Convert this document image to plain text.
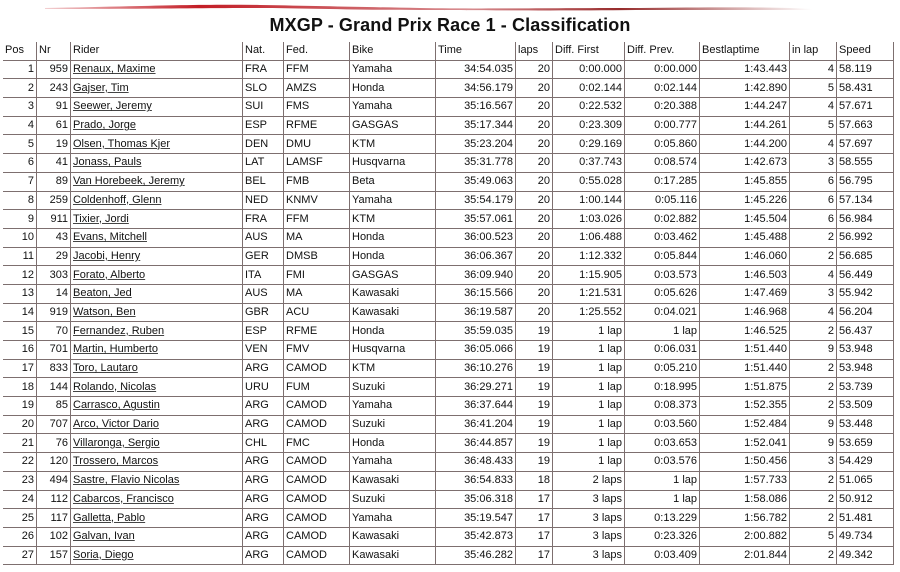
MXGP - Grand Prix Race 1 - Classification
Pos	Nr	Rider	Nat.	Fed.	Bike	Time	laps	Diff. First	Diff. Prev.	Bestlaptime	in lap	Speed
1	959	Renaux, Maxime	FRA	FFM	Yamaha	34:54.035	20	0:00.000	0:00.000	1:43.443	4	58.119
2	243	Gajser, Tim	SLO	AMZS	Honda	34:56.179	20	0:02.144	0:02.144	1:42.890	5	58.431
3	91	Seewer, Jeremy	SUI	FMS	Yamaha	35:16.567	20	0:22.532	0:20.388	1:44.247	4	57.671
4	61	Prado, Jorge	ESP	RFME	GASGAS	35:17.344	20	0:23.309	0:00.777	1:44.261	5	57.663
5	19	Olsen, Thomas Kjer	DEN	DMU	KTM	35:23.204	20	0:29.169	0:05.860	1:44.200	4	57.697
6	41	Jonass, Pauls	LAT	LAMSF	Husqvarna	35:31.778	20	0:37.743	0:08.574	1:42.673	3	58.555
7	89	Van Horebeek, Jeremy	BEL	FMB	Beta	35:49.063	20	0:55.028	0:17.285	1:45.855	6	56.795
8	259	Coldenhoff, Glenn	NED	KNMV	Yamaha	35:54.179	20	1:00.144	0:05.116	1:45.226	6	57.134
9	911	Tixier, Jordi	FRA	FFM	KTM	35:57.061	20	1:03.026	0:02.882	1:45.504	6	56.984
10	43	Evans, Mitchell	AUS	MA	Honda	36:00.523	20	1:06.488	0:03.462	1:45.488	2	56.992
11	29	Jacobi, Henry	GER	DMSB	Honda	36:06.367	20	1:12.332	0:05.844	1:46.060	2	56.685
12	303	Forato, Alberto	ITA	FMI	GASGAS	36:09.940	20	1:15.905	0:03.573	1:46.503	4	56.449
13	14	Beaton, Jed	AUS	MA	Kawasaki	36:15.566	20	1:21.531	0:05.626	1:47.469	3	55.942
14	919	Watson, Ben	GBR	ACU	Kawasaki	36:19.587	20	1:25.552	0:04.021	1:46.968	4	56.204
15	70	Fernandez, Ruben	ESP	RFME	Honda	35:59.035	19	1 lap	1 lap	1:46.525	2	56.437
16	701	Martin, Humberto	VEN	FMV	Husqvarna	36:05.066	19	1 lap	0:06.031	1:51.440	9	53.948
17	833	Toro, Lautaro	ARG	CAMOD	KTM	36:10.276	19	1 lap	0:05.210	1:51.440	2	53.948
18	144	Rolando, Nicolas	URU	FUM	Suzuki	36:29.271	19	1 lap	0:18.995	1:51.875	2	53.739
19	85	Carrasco, Agustin	ARG	CAMOD	Yamaha	36:37.644	19	1 lap	0:08.373	1:52.355	2	53.509
20	707	Arco, Victor Dario	ARG	CAMOD	Suzuki	36:41.204	19	1 lap	0:03.560	1:52.484	9	53.448
21	76	Villaronga, Sergio	CHL	FMC	Honda	36:44.857	19	1 lap	0:03.653	1:52.041	9	53.659
22	120	Trossero, Marcos	ARG	CAMOD	Yamaha	36:48.433	19	1 lap	0:03.576	1:50.456	3	54.429
23	494	Sastre, Flavio Nicolas	ARG	CAMOD	Kawasaki	36:54.833	18	2 laps	1 lap	1:57.733	2	51.065
24	112	Cabarcos, Francisco	ARG	CAMOD	Suzuki	35:06.318	17	3 laps	1 lap	1:58.086	2	50.912
25	117	Galletta, Pablo	ARG	CAMOD	Yamaha	35:19.547	17	3 laps	0:13.229	1:56.782	2	51.481
26	102	Galvan, Ivan	ARG	CAMOD	Kawasaki	35:42.873	17	3 laps	0:23.326	2:00.882	5	49.734
27	157	Soria, Diego	ARG	CAMOD	Kawasaki	35:46.282	17	3 laps	0:03.409	2:01.844	2	49.342
